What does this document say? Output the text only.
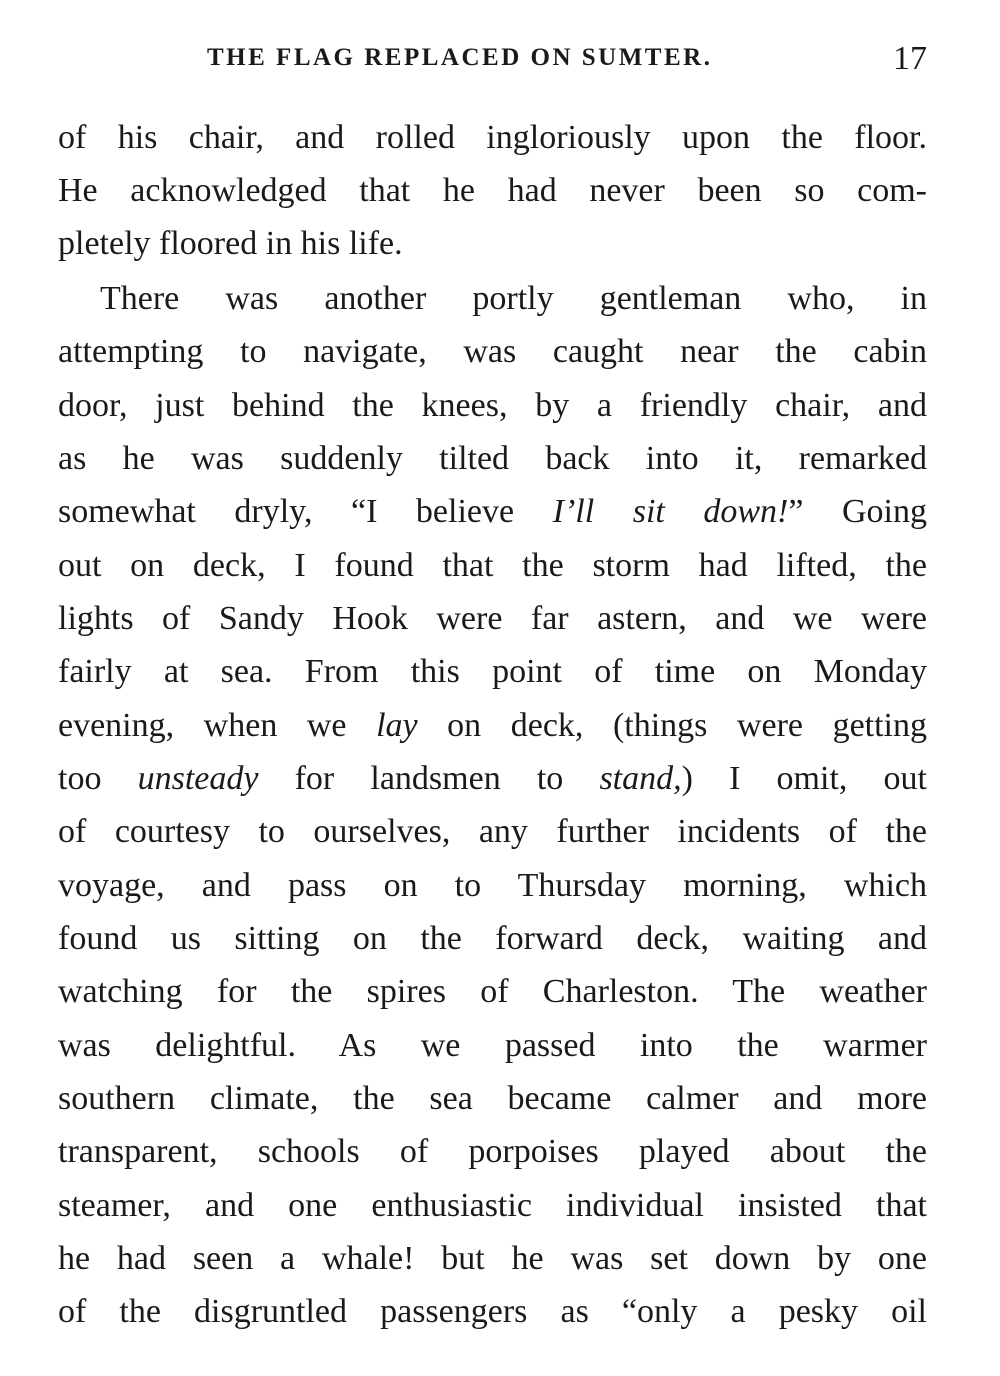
THE FLAG REPLACED ON SUMTER.	17
of his chair, and rolled ingloriously upon the floor.
He acknowledged that he had never been so com-
pletely floored in his life.
There was another portly gentleman who, in
attempting to navigate, was caught near the cabin
door, just behind the knees, by a friendly chair, and
as he was suddenly tilted back into it, remarked
somewhat dryly, “I believe I’ll sit down!” Going
out on deck, I found that the storm had lifted, the
lights of Sandy Hook were far astern, and we were
fairly at sea. From this point of time on Monday
evening, when we lay on deck, (things were getting
too unsteady for landsmen to stand,) I omit, out
of courtesy to ourselves, any further incidents of the
voyage, and pass on to Thursday morning, which
found us sitting on the forward deck, waiting and
watching for the spires of Charleston. The weather
was delightful. As we passed into the warmer
southern climate, the sea became calmer and more
transparent, schools of porpoises played about the
steamer, and one enthusiastic individual insisted that
he had seen a whale! but he was set down by one
of the disgruntled passengers as “only a pesky oil
